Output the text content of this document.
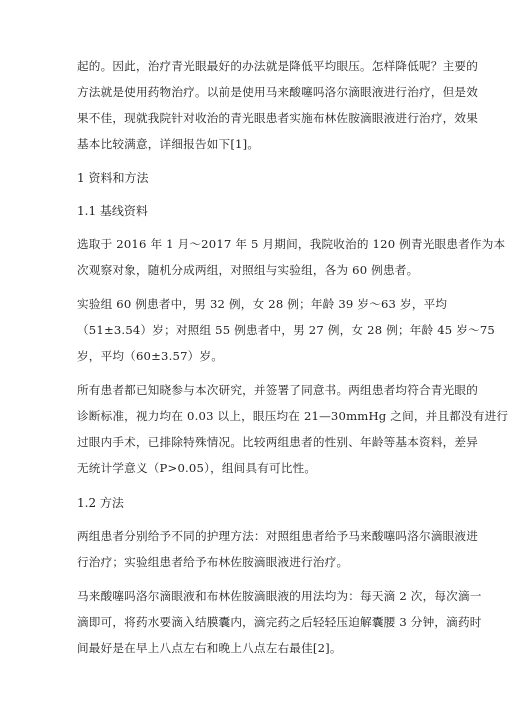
起的。因此，治疗青光眼最好的办法就是降低平均眼压。怎样降低呢？主要的
方法就是使用药物治疗。以前是使用马来酸噻吗洛尔滴眼液进行治疗，但是效
果不佳，现就我院针对收治的青光眼患者实施布林佐胺滴眼液进行治疗，效果
基本比较满意，详细报告如下[1]。
1 资料和方法
1.1 基线资料
选取于 2016 年 1 月～2017 年 5 月期间，我院收治的 120 例青光眼患者作为本
次观察对象，随机分成两组，对照组与实验组，各为 60 例患者。
实验组 60 例患者中，男 32 例，女 28 例；年龄 39 岁～63 岁，平均
（51±3.54）岁；对照组 55 例患者中，男 27 例，女 28 例；年龄 45 岁～75
岁，平均（60±3.57）岁。
所有患者都已知晓参与本次研究，并签署了同意书。两组患者均符合青光眼的
诊断标准，视力均在 0.03 以上，眼压均在 21—30mmHg 之间，并且都没有进行
过眼内手术，已排除特殊情况。比较两组患者的性别、年龄等基本资料，差异
无统计学意义（P>0.05），组间具有可比性。
1.2 方法
两组患者分别给予不同的护理方法：对照组患者给予马来酸噻吗洛尔滴眼液进
行治疗；实验组患者给予布林佐胺滴眼液进行治疗。
马来酸噻吗洛尔滴眼液和布林佐胺滴眼液的用法均为：每天滴 2 次，每次滴一
滴即可，将药水要滴入结膜囊内，滴完药之后轻轻压迫解囊腰 3 分钟，滴药时
间最好是在早上八点左右和晚上八点左右最佳[2]。
